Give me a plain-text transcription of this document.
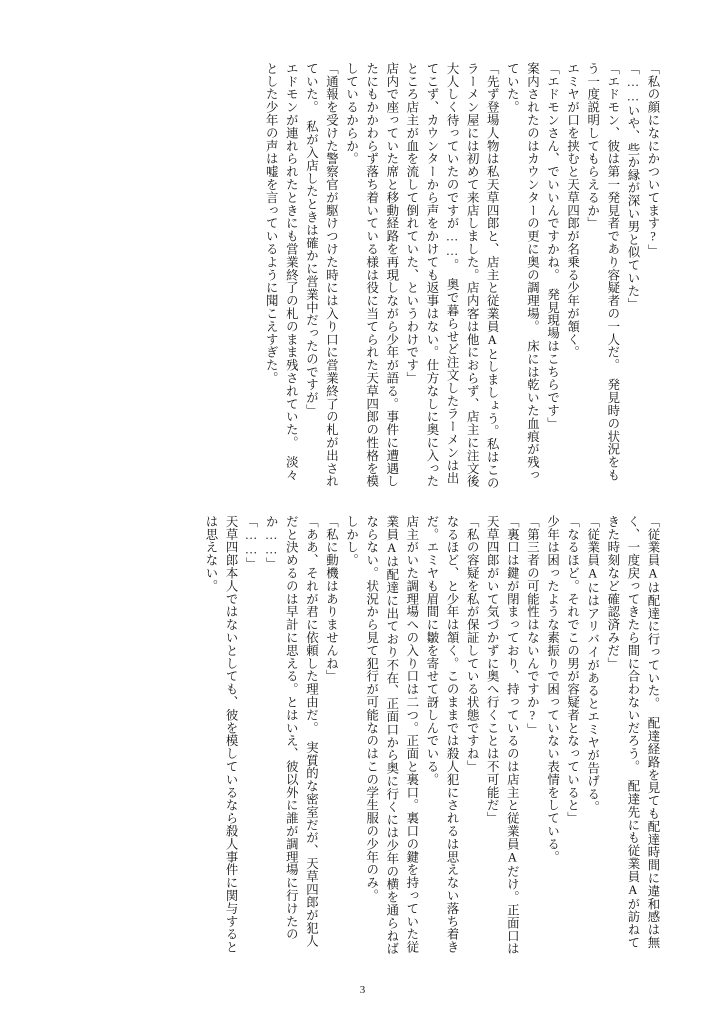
「私の顔になにかついてます?」

「……いや、些か縁が深い男と似ていた」

「エドモン、彼は第一発見者であり容疑者の一人だ。　発見時の状況をもう一度説明してもらえるか」

エミヤが口を挟むと天草四郎が名乗る少年が頷く。

「エドモンさん、でいいんですかね。　発見現場はこちらです」

案内されたのはカウンターの更に奥の調理場。　床には乾いた血痕が残っていた。

「先ず登場人物は私天草四郎と、店主と従業員Aとしましょう。私はこのラーメン屋には初めて来店しました。店内客は他におらず、店主に注文後大人しく待っていたのですが……。　奥で暮らせど注文したラーメンは出てこず、カウンターから声をかけても返事はない。仕方なしに奥に入ったところ店主が血を流して倒れていた、というわけです」

店内で座っていた席と移動経路を再現しながら少年が語る。事件に遭遇したにもかかわらず落ち着いている様は役に当てられた天草四郎の性格を模しているからか。

「通報を受けた警察官が駆けつけた時には入り口に営業終了の札が出されていた。　私が入店したときは確かに営業中だったのですが」

エドモンが連れられたときにも営業終了の札のまま残されていた。　淡々とした少年の声は嘘を言っているように聞こえすぎた。

「従業員Aは配達に行っていた。　配達経路を見ても配達時間に違和感は無く、一度戻ってきたら間に合わないだろう。　配達先にも従業員Aが訪ねてきた時刻など確認済みだ」

「従業員Aにはアリバイがあるとエミヤが告げる。

「なるほど。それでこの男が容疑者となっていると」

少年は困ったような素振りで困っていない表情をしている。

「第三者の可能性はないんですか?」

「裏口は鍵が閉まっており、持っているのは店主と従業員Aだけ。正面口は天草四郎がいて気づかずに奥へ行くことは不可能だ」

「私の容疑を私が保証している状態ですね」

なるほど、と少年は頷く。このままでは殺人犯にされるは思えない落ち着きだ。エミヤも眉間に皺を寄せて訝しんでいる。

店主がいた調理場への入り口は二つ。正面と裏口。裏口の鍵を持っていた従業員Aは配達に出ており不在、正面口から奥に行くには少年の横を通らねばならない。状況から見て犯行が可能なのはこの学生服の少年のみ。

しかし。

「私に動機はありませんね」

「ああ、それが君に依頼した理由だ。　実質的な密室だが、天草四郎が犯人だと決めるのは早計に思える。とはいえ、彼以外に誰が調理場に行けたのか……」

「……」

天草四郎本人ではないとしても、彼を模しているなら殺人事件に関与するとは思えない。

3
